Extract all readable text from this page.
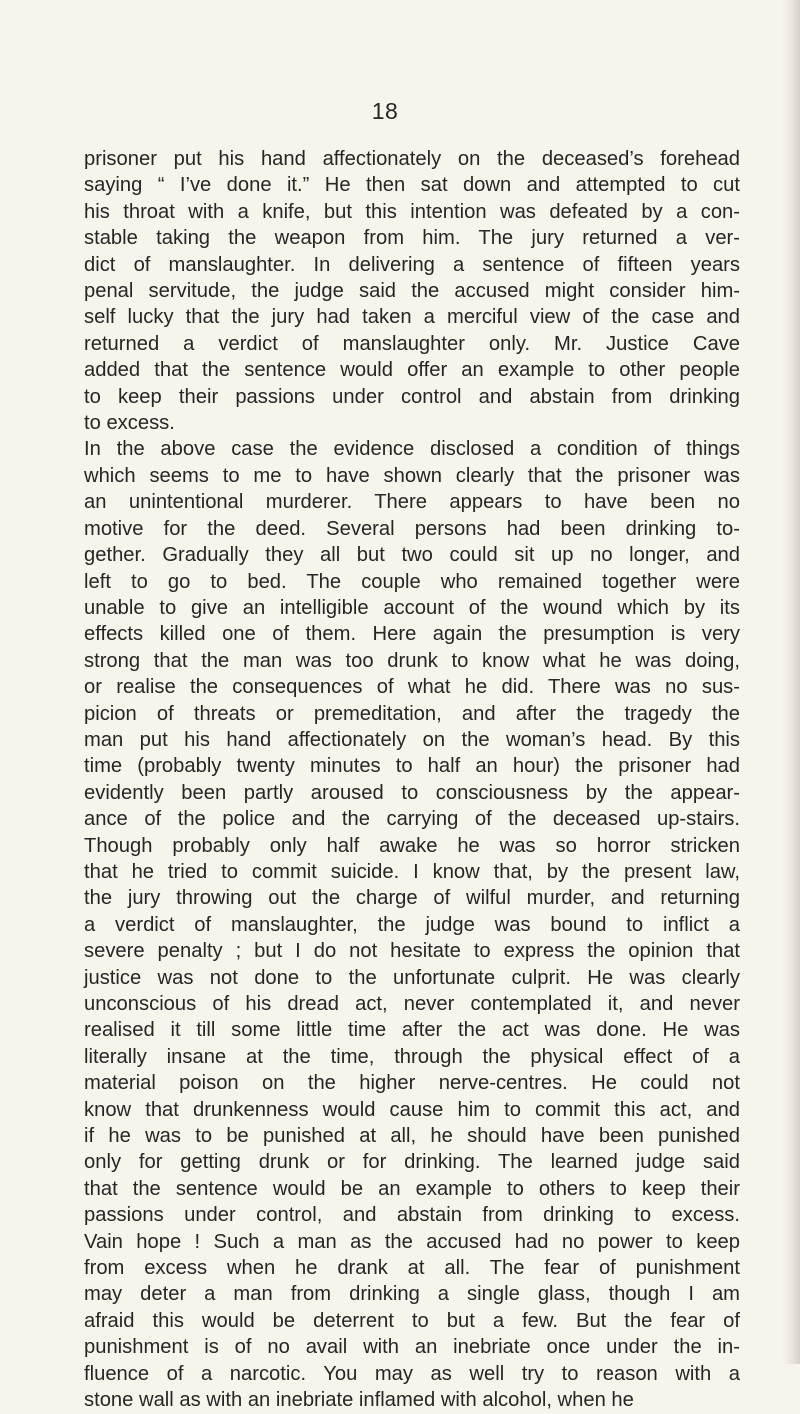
18
prisoner put his hand affectionately on the deceased’s forehead
saying “ I’ve done it.” He then sat down and attempted to cut
his throat with a knife, but this intention was defeated by a con-
stable taking the weapon from him. The jury returned a ver-
dict of manslaughter. In delivering a sentence of fifteen years
penal servitude, the judge said the accused might consider him-
self lucky that the jury had taken a merciful view of the case and
returned a verdict of manslaughter only. Mr. Justice Cave
added that the sentence would offer an example to other people
to keep their passions under control and abstain from drinking
to excess.
In the above case the evidence disclosed a condition of things
which seems to me to have shown clearly that the prisoner was
an unintentional murderer. There appears to have been no
motive for the deed. Several persons had been drinking to-
gether. Gradually they all but two could sit up no longer, and
left to go to bed. The couple who remained together were
unable to give an intelligible account of the wound which by its
effects killed one of them. Here again the presumption is very
strong that the man was too drunk to know what he was doing,
or realise the consequences of what he did. There was no sus-
picion of threats or premeditation, and after the tragedy the
man put his hand affectionately on the woman’s head. By this
time (probably twenty minutes to half an hour) the prisoner had
evidently been partly aroused to consciousness by the appear-
ance of the police and the carrying of the deceased up-stairs.
Though probably only half awake he was so horror stricken
that he tried to commit suicide. I know that, by the present law,
the jury throwing out the charge of wilful murder, and returning
a verdict of manslaughter, the judge was bound to inflict a
severe penalty ; but I do not hesitate to express the opinion that
justice was not done to the unfortunate culprit. He was clearly
unconscious of his dread act, never contemplated it, and never
realised it till some little time after the act was done. He was
literally insane at the time, through the physical effect of a
material poison on the higher nerve-centres. He could not
know that drunkenness would cause him to commit this act, and
if he was to be punished at all, he should have been punished
only for getting drunk or for drinking. The learned judge said
that the sentence would be an example to others to keep their
passions under control, and abstain from drinking to excess.
Vain hope ! Such a man as the accused had no power to keep
from excess when he drank at all. The fear of punishment
may deter a man from drinking a single glass, though I am
afraid this would be deterrent to but a few. But the fear of
punishment is of no avail with an inebriate once under the in-
fluence of a narcotic. You may as well try to reason with a
stone wall as with an inebriate inflamed with alcohol, when he
